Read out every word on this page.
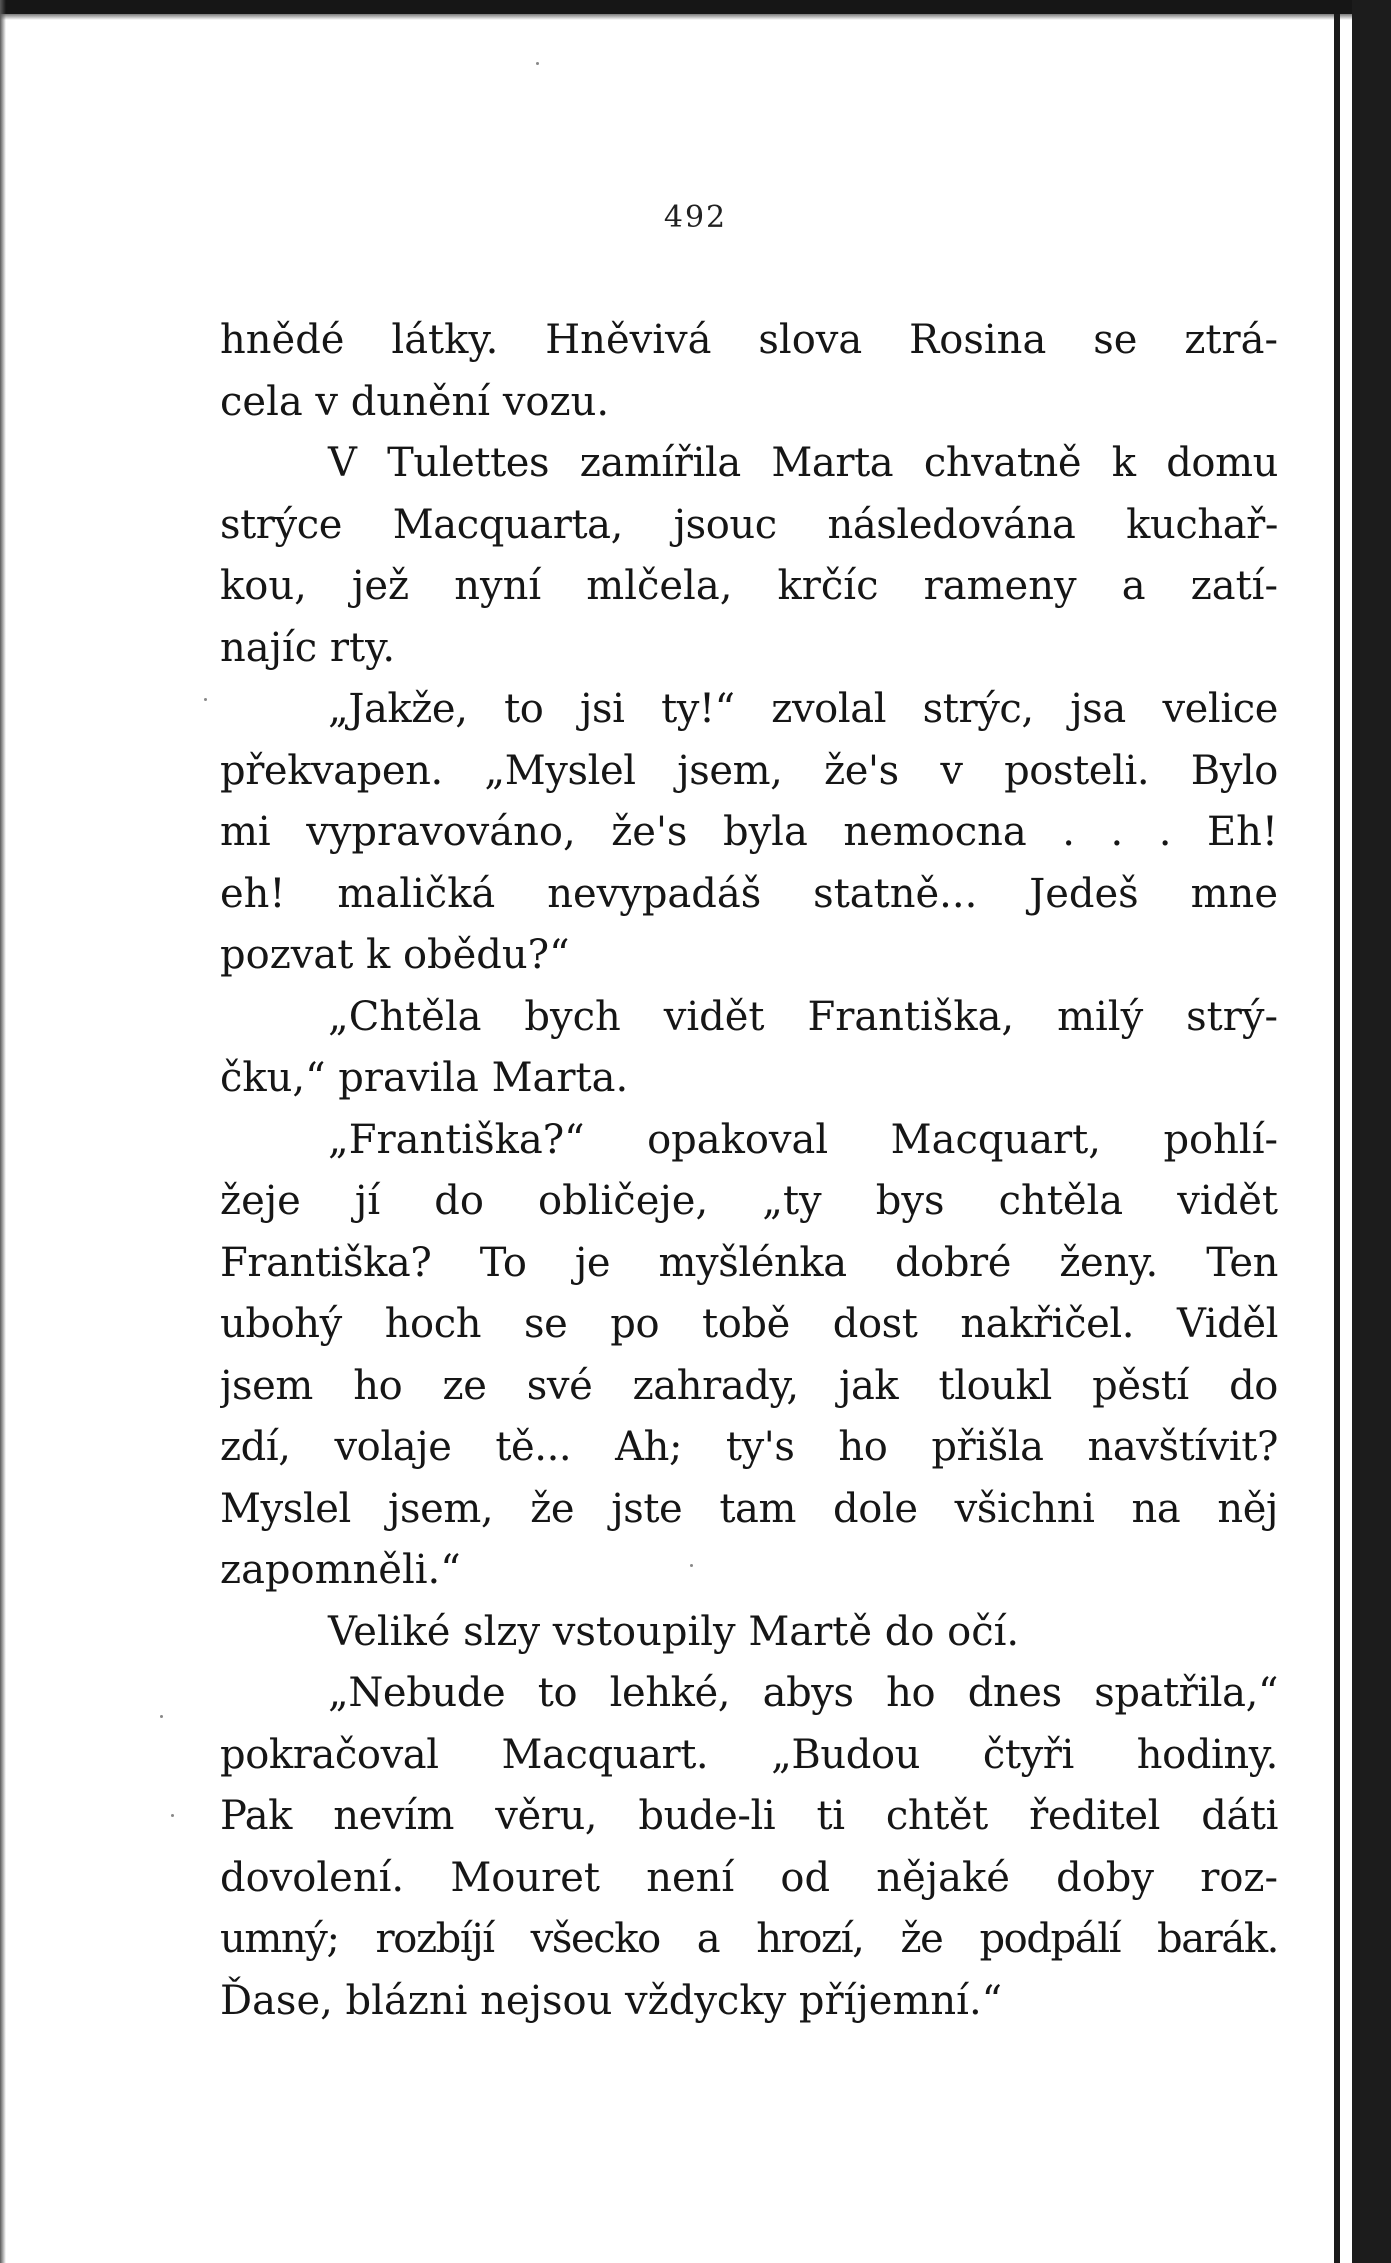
492
hnědé látky. Hněvivá slova Rosina se ztrá-
cela v dunění vozu.
V Tulettes zamířila Marta chvatně k domu
strýce Macquarta, jsouc následována kuchař-
kou, jež nyní mlčela, krčíc rameny a zatí-
najíc rty.
„Jakže, to jsi ty!“ zvolal strýc, jsa velice
překvapen. „Myslel jsem, že's v posteli. Bylo
mi vypravováno, že's byla nemocna . . . Eh!
eh! maličká nevypadáš statně... Jedeš mne
pozvat k obědu?“
„Chtěla bych vidět Františka, milý strý-
čku,“ pravila Marta.
„Františka?“ opakoval Macquart, pohlí-
žeje jí do obličeje, „ty bys chtěla vidět
Františka? To je myšlénka dobré ženy. Ten
ubohý hoch se po tobě dost nakřičel. Viděl
jsem ho ze své zahrady, jak tloukl pěstí do
zdí, volaje tě... Ah; ty's ho přišla navštívit?
Myslel jsem, že jste tam dole všichni na něj
zapomněli.“
Veliké slzy vstoupily Martě do očí.
„Nebude to lehké, abys ho dnes spatřila,“
pokračoval Macquart. „Budou čtyři hodiny.
Pak nevím věru, bude-li ti chtět ředitel dáti
dovolení. Mouret není od nějaké doby roz-
umný; rozbíjí všecko a hrozí, že podpálí barák.
Ďase, blázni nejsou vždycky příjemní.“
